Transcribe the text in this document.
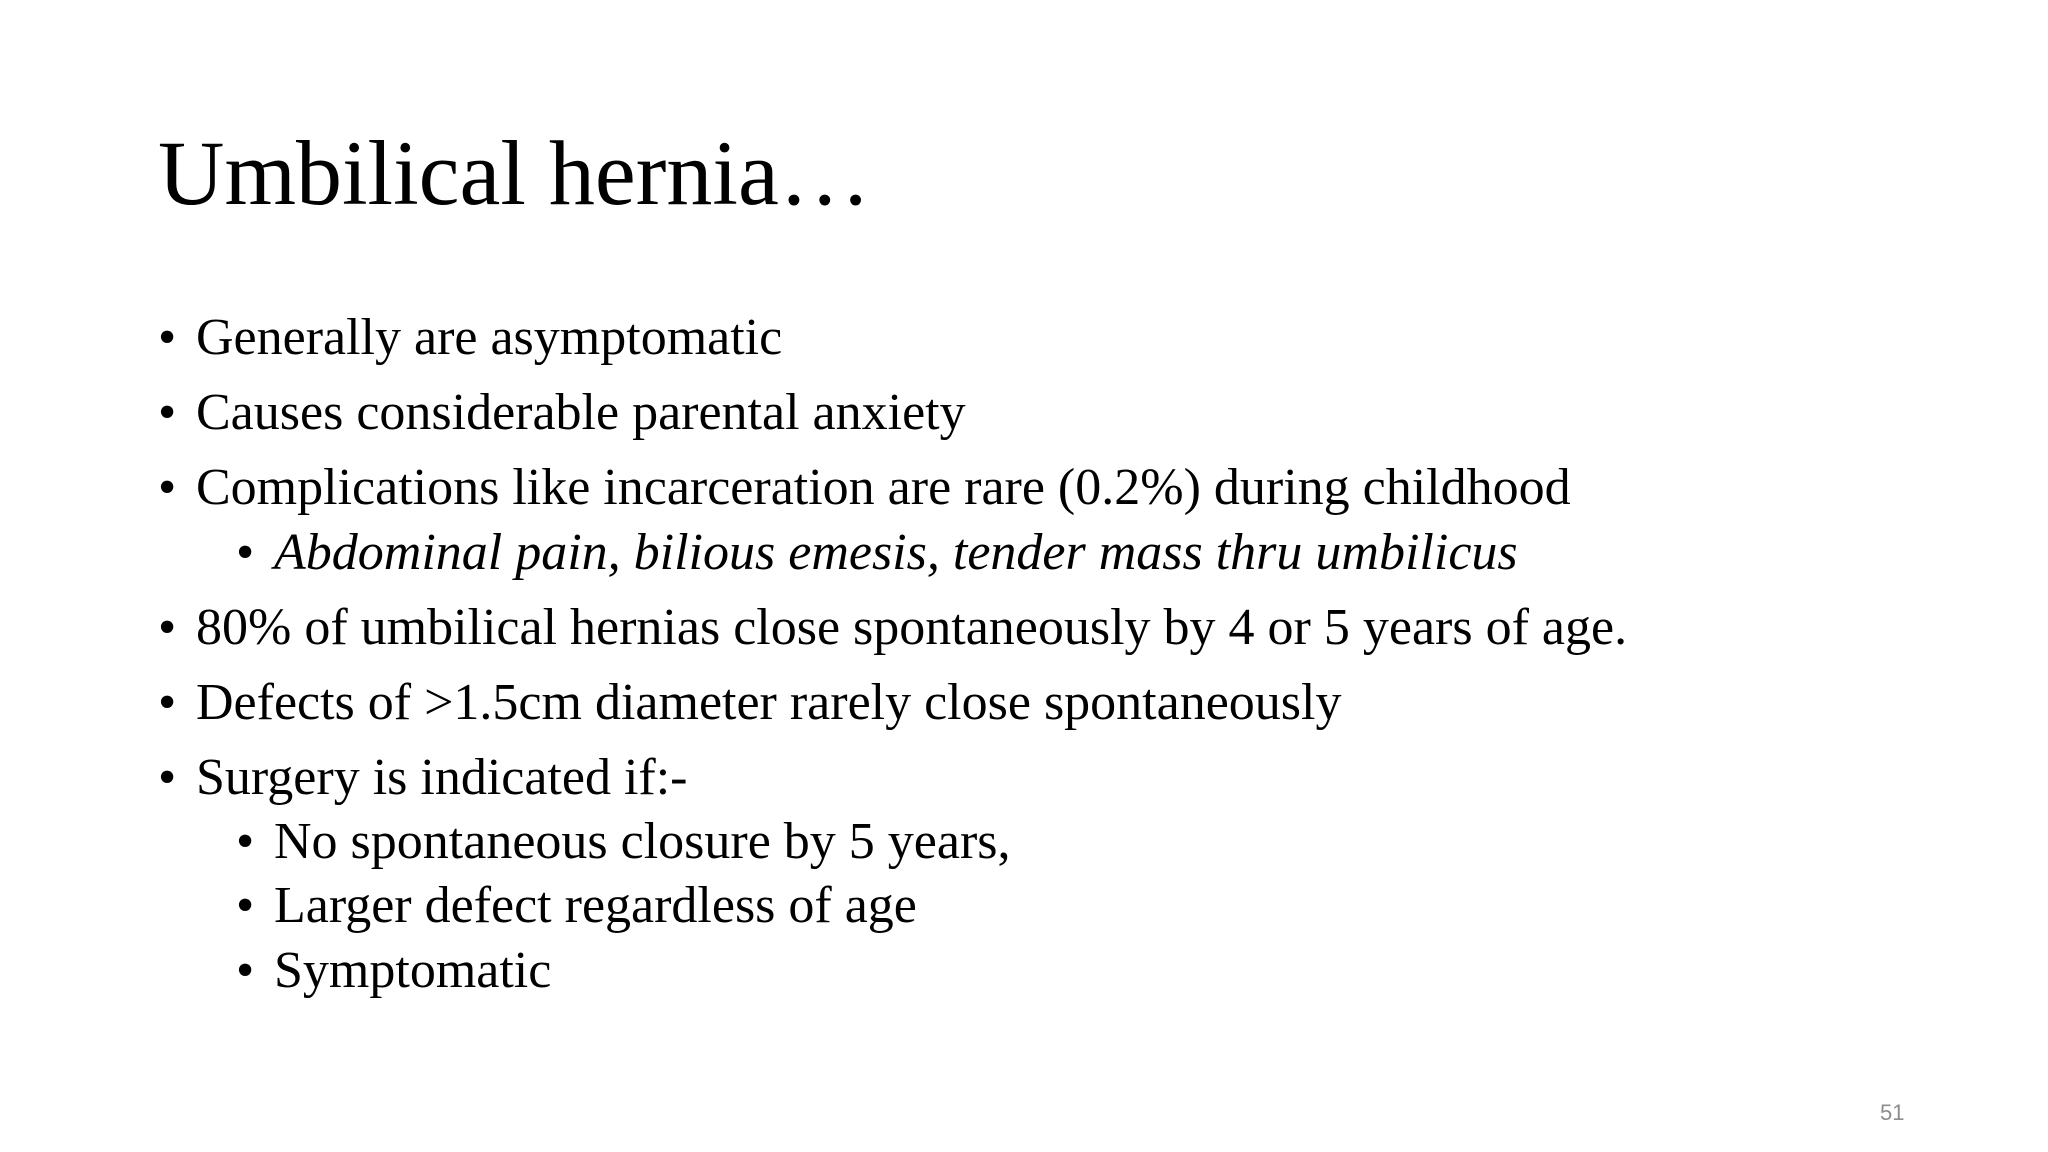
Umbilical hernia…
• Generally are asymptomatic
• Causes considerable parental anxiety
• Complications like incarceration are rare (0.2%) during childhood
• Abdominal pain, bilious emesis, tender mass thru umbilicus
• 80% of umbilical hernias close spontaneously by 4 or 5 years of age.
• Defects of >1.5cm diameter rarely close spontaneously
• Surgery is indicated if:-
• No spontaneous closure by 5 years,
• Larger defect regardless of age
• Symptomatic
51
